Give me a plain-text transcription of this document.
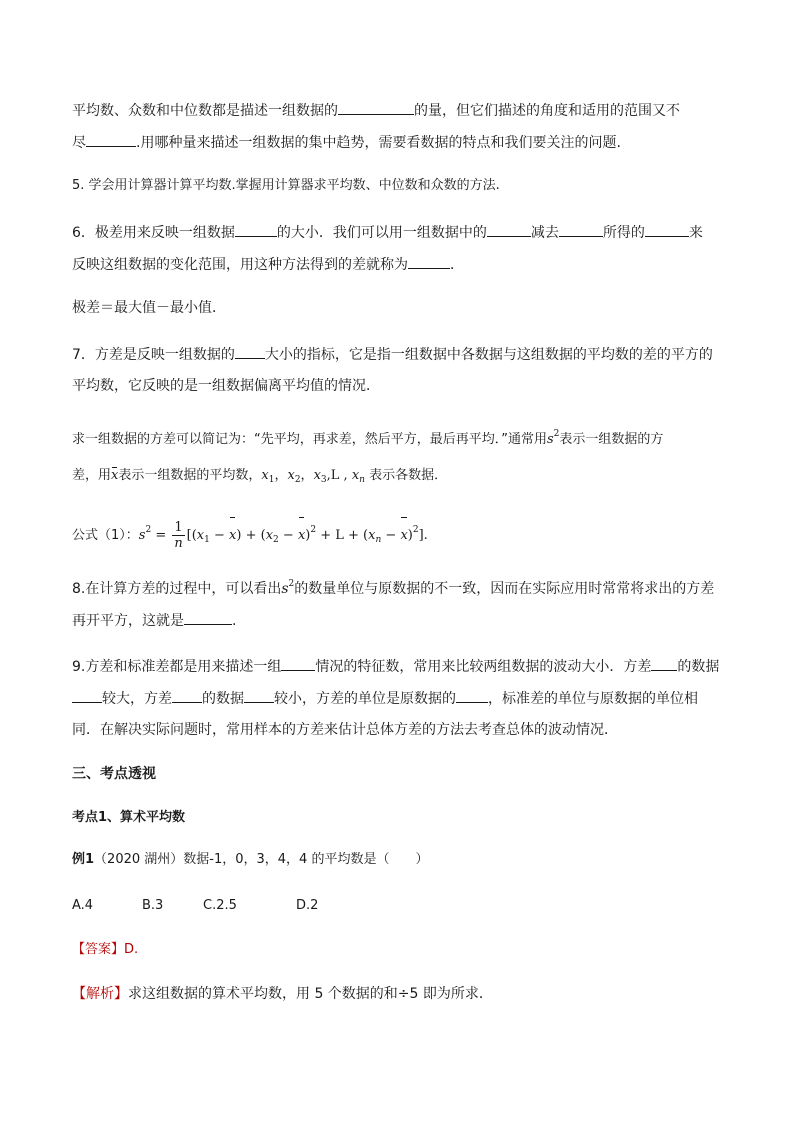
平均数、众数和中位数都是描述一组数据的	的量，但它们描述的角度和适用的范围又不
尽	.用哪种量来描述一组数据的集中趋势，需要看数据的特点和我们要关注的问题.
5. 学会用计算器计算平均数.掌握用计算器求平均数、中位数和众数的方法.
6．极差用来反映一组数据	的大小．我们可以用一组数据中的	减去	所得的	来
反映这组数据的变化范围，用这种方法得到的差就称为	．
极差＝最大值－最小值．
7．方差是反映一组数据的 大小的指标，它是指一组数据中各数据与这组数据的平均数的差的平方的
平均数，它反映的是一组数据偏离平均值的情况．
求一组数据的方差可以简记为：“先平均，再求差，然后平方，最后再平均．”通常用$s^2$表示一组数据的方
差，用x表示一组数据的平均数，$x_1$，$x_2$，$x_3,L$ , $x_n$ 表示各数据．
公式（1）：$s^2 = \frac{1}{n} [(x_1 - x) + (x_2 - x)^2 + L + (x_n - x)^2]$.
8.在计算方差的过程中，可以看出$s^2$的数量单位与原数据的不一致，因而在实际应用时常常将求出的方差
再开平方，这就是	.
9.方差和标准差都是用来描述一组 情况的特征数，常用来比较两组数据的波动大小．方差 的数据
较大，方差 的数据 较小，方差的单位是原数据的 ，标准差的单位与原数据的单位相
同．在解决实际问题时，常用样本的方差来估计总体方差的方法去考查总体的波动情况．
三、考点透视
考点1、算术平均数
例1（2020 湖州）数据-1，0，3，4，4 的平均数是（　　）
A.4	B.3	C.2.5	D.2
【答案】D.
【解析】求这组数据的算术平均数，用 5 个数据的和÷5 即为所求．
